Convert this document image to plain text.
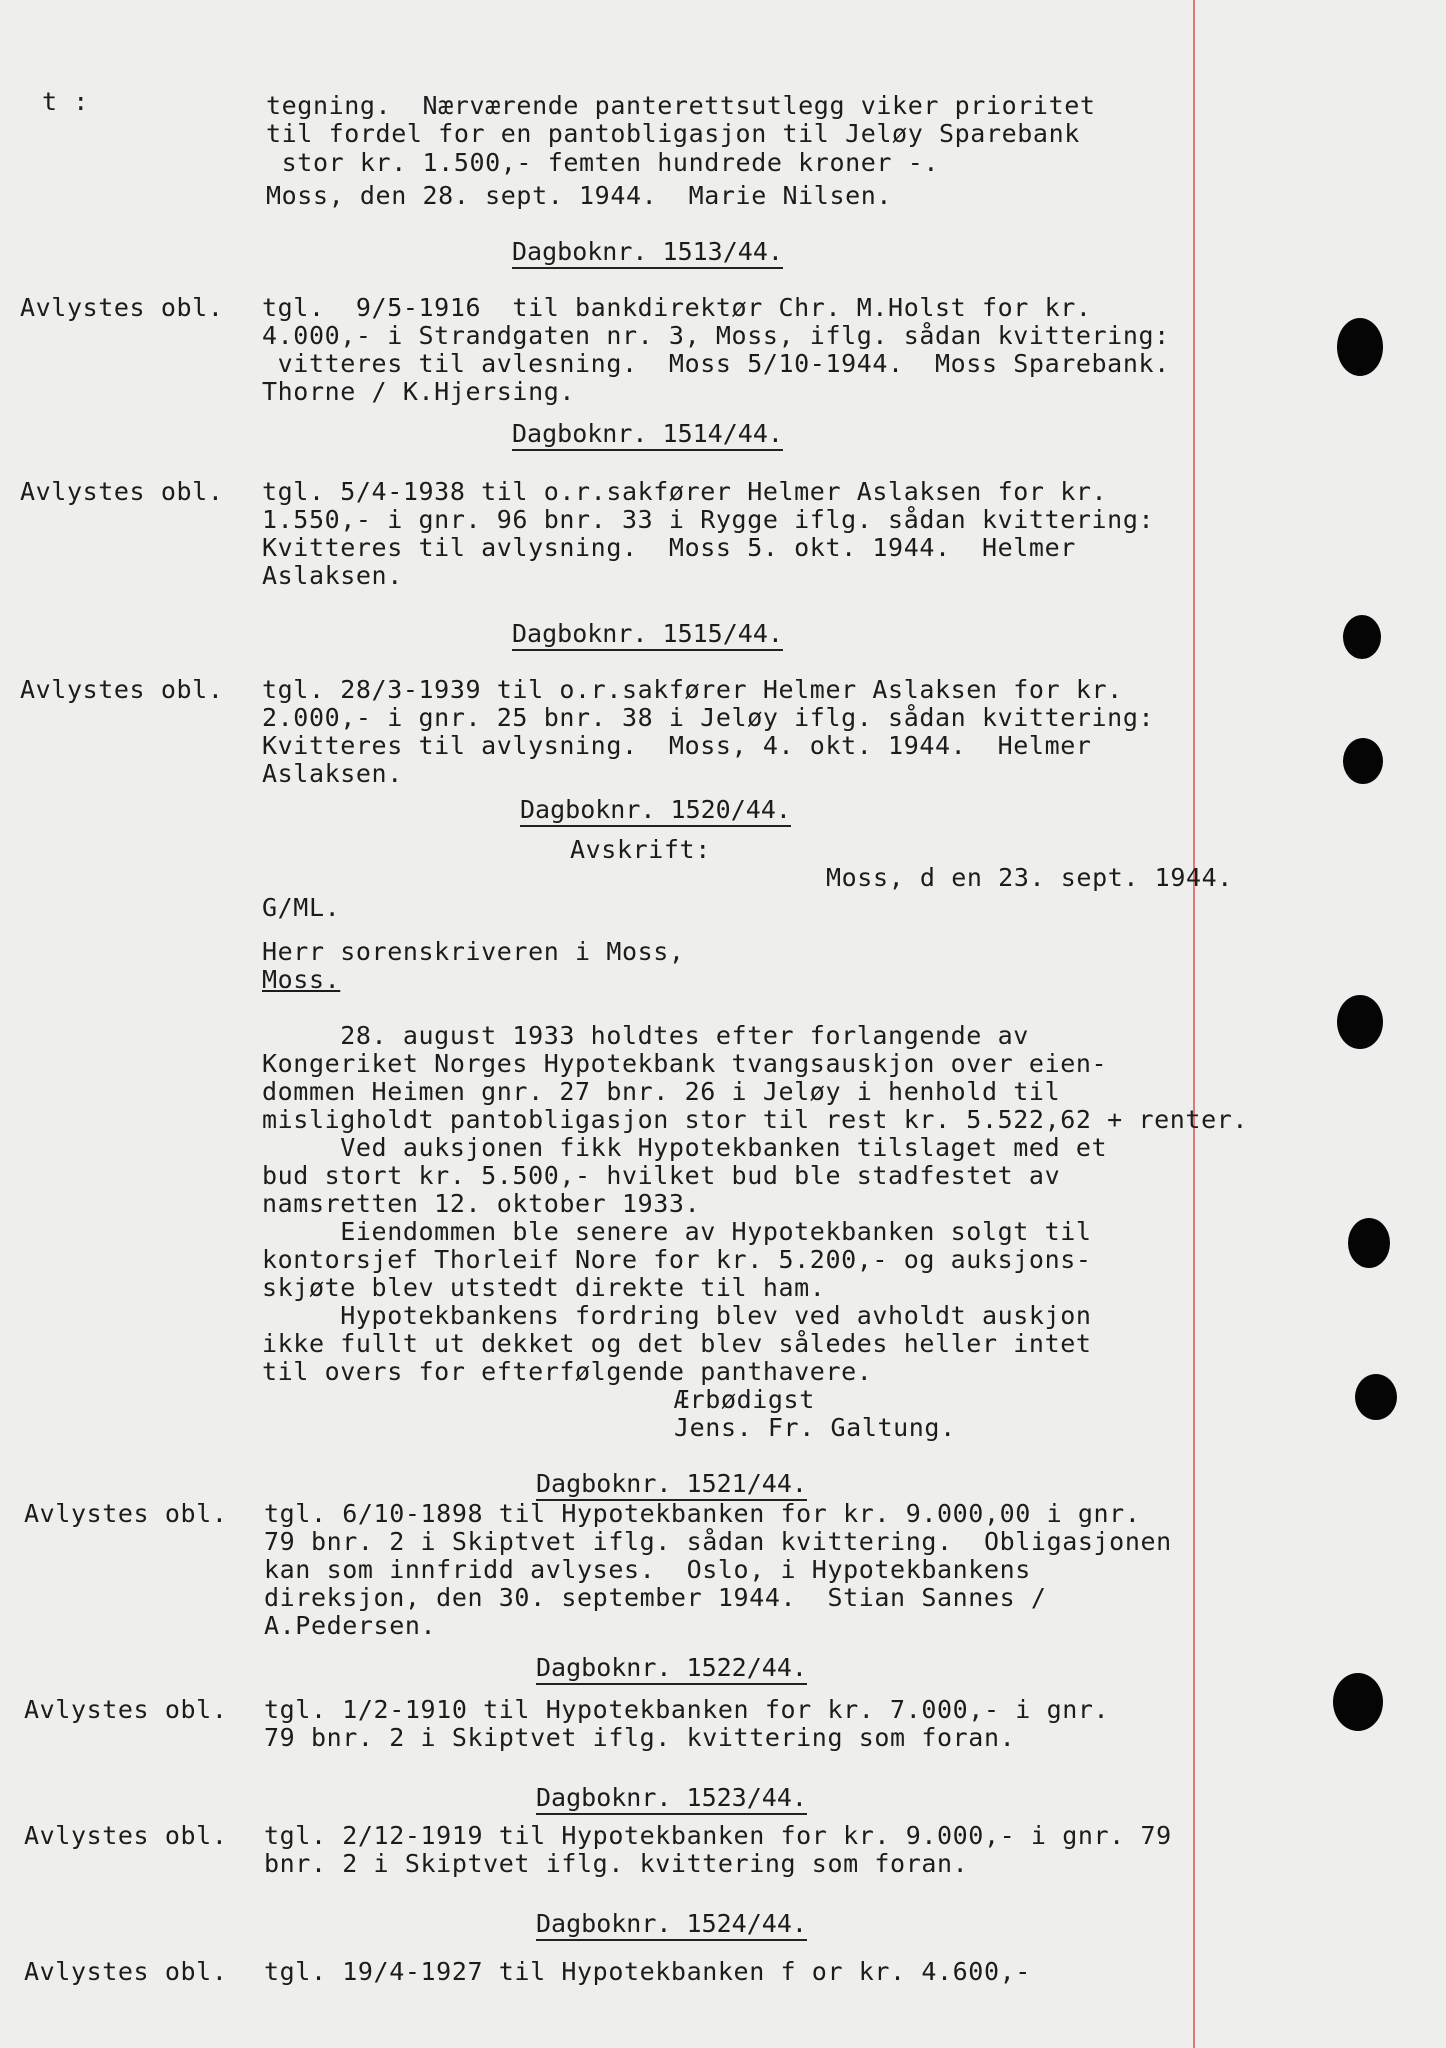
t :	tegning.  Nærværende panterettsutlegg viker prioritet
til fordel for en pantobligasjon til Jeløy Sparebank
stor kr. 1.500,- femten hundrede kroner -.
Moss, den 28. sept. 1944.  Marie Nilsen.
Dagboknr. 1513/44.
Avlystes obl. tgl.  9/5-1916  til bankdirektør Chr. M.Holst for kr.
4.000,- i Strandgaten nr. 3, Moss, iflg. sådan kvittering:
vitteres til avlesning.  Moss 5/10-1944.  Moss Sparebank.
Thorne / K.Hjersing.
Dagboknr. 1514/44.
Avlystes obl. tgl. 5/4-1938 til o.r.sakfører Helmer Aslaksen for kr.
1.550,- i gnr. 96 bnr. 33 i Rygge iflg. sådan kvittering:
Kvitteres til avlysning.  Moss 5. okt. 1944.  Helmer
Aslaksen.
Dagboknr. 1515/44.
Avlystes obl. tgl. 28/3-1939 til o.r.sakfører Helmer Aslaksen for kr.
2.000,- i gnr. 25 bnr. 38 i Jeløy iflg. sådan kvittering:
Kvitteres til avlysning.  Moss, 4. okt. 1944.  Helmer
Aslaksen.
Dagboknr. 1520/44.
Avskrift:
Moss, d en 23. sept. 1944.
G/ML.
Herr sorenskriveren i Moss,
Moss.
28. august 1933 holdtes efter forlangende av
Kongeriket Norges Hypotekbank tvangsauskjon over eien-
dommen Heimen gnr. 27 bnr. 26 i Jeløy i henhold til
misligholdt pantobligasjon stor til rest kr. 5.522,62 + renter.
Ved auksjonen fikk Hypotekbanken tilslaget med et
bud stort kr. 5.500,- hvilket bud ble stadfestet av
namsretten 12. oktober 1933.
Eiendommen ble senere av Hypotekbanken solgt til
kontorsjef Thorleif Nore for kr. 5.200,- og auksjons-
skjøte blev utstedt direkte til ham.
Hypotekbankens fordring blev ved avholdt auskjon
ikke fullt ut dekket og det blev således heller intet
til overs for efterfølgende panthavere.
Ærbødigst
Jens. Fr. Galtung.
Dagboknr. 1521/44.
Avlystes obl. tgl. 6/10-1898 til Hypotekbanken for kr. 9.000,00 i gnr.
79 bnr. 2 i Skiptvet iflg. sådan kvittering.  Obligasjonen
kan som innfridd avlyses.  Oslo, i Hypotekbankens
direksjon, den 30. september 1944.  Stian Sannes /
A.Pedersen.
Dagboknr. 1522/44.
Avlystes obl. tgl. 1/2-1910 til Hypotekbanken for kr. 7.000,- i gnr.
79 bnr. 2 i Skiptvet iflg. kvittering som foran.
Dagboknr. 1523/44.
Avlystes obl. tgl. 2/12-1919 til Hypotekbanken for kr. 9.000,- i gnr. 79
bnr. 2 i Skiptvet iflg. kvittering som foran.
Dagboknr. 1524/44.
Avlystes obl. tgl. 19/4-1927 til Hypotekbanken f or kr. 4.600,-
